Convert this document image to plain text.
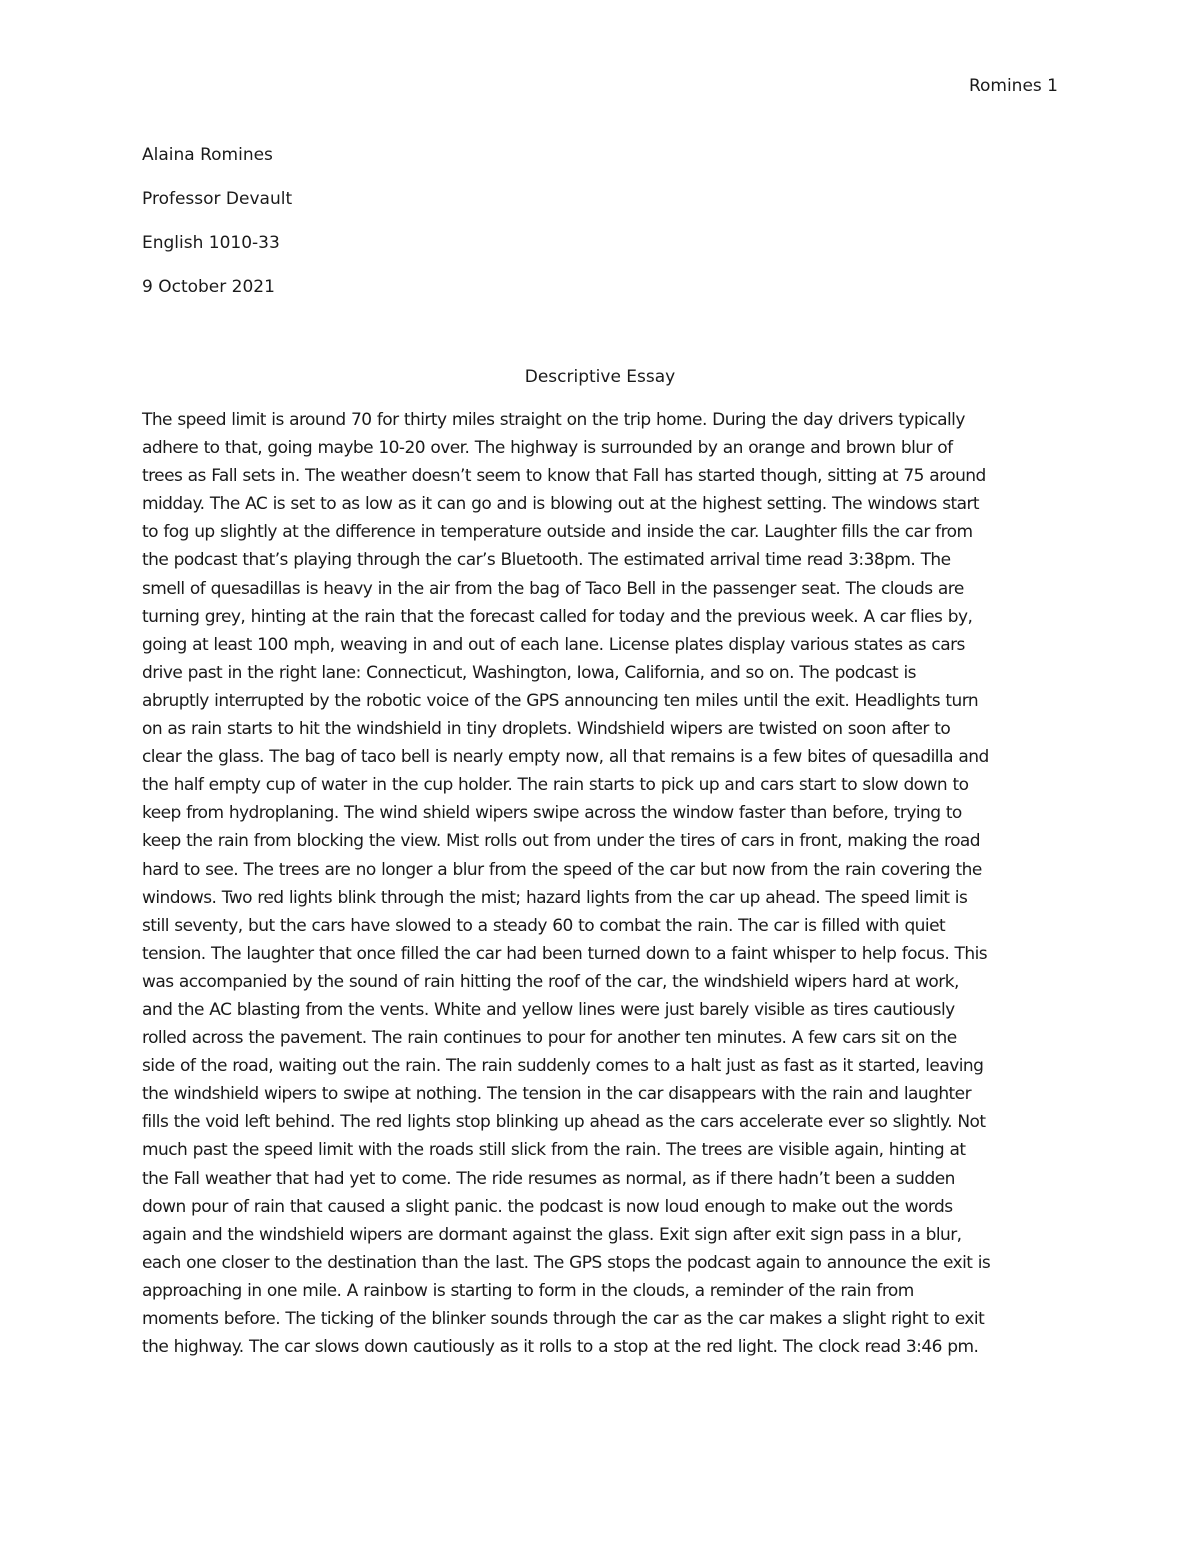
Romines 1
Alaina Romines
Professor Devault
English 1010-33
9 October 2021
Descriptive Essay
The speed limit is around 70 for thirty miles straight on the trip home. During the day drivers typically
adhere to that, going maybe 10-20 over. The highway is surrounded by an orange and brown blur of
trees as Fall sets in. The weather doesn’t seem to know that Fall has started though, sitting at 75 around
midday. The AC is set to as low as it can go and is blowing out at the highest setting. The windows start
to fog up slightly at the difference in temperature outside and inside the car. Laughter fills the car from
the podcast that’s playing through the car’s Bluetooth. The estimated arrival time read 3:38pm. The
smell of quesadillas is heavy in the air from the bag of Taco Bell in the passenger seat. The clouds are
turning grey, hinting at the rain that the forecast called for today and the previous week. A car flies by,
going at least 100 mph, weaving in and out of each lane. License plates display various states as cars
drive past in the right lane: Connecticut, Washington, Iowa, California, and so on. The podcast is
abruptly interrupted by the robotic voice of the GPS announcing ten miles until the exit. Headlights turn
on as rain starts to hit the windshield in tiny droplets. Windshield wipers are twisted on soon after to
clear the glass. The bag of taco bell is nearly empty now, all that remains is a few bites of quesadilla and
the half empty cup of water in the cup holder. The rain starts to pick up and cars start to slow down to
keep from hydroplaning. The wind shield wipers swipe across the window faster than before, trying to
keep the rain from blocking the view. Mist rolls out from under the tires of cars in front, making the road
hard to see. The trees are no longer a blur from the speed of the car but now from the rain covering the
windows. Two red lights blink through the mist; hazard lights from the car up ahead. The speed limit is
still seventy, but the cars have slowed to a steady 60 to combat the rain. The car is filled with quiet
tension. The laughter that once filled the car had been turned down to a faint whisper to help focus. This
was accompanied by the sound of rain hitting the roof of the car, the windshield wipers hard at work,
and the AC blasting from the vents. White and yellow lines were just barely visible as tires cautiously
rolled across the pavement. The rain continues to pour for another ten minutes. A few cars sit on the
side of the road, waiting out the rain. The rain suddenly comes to a halt just as fast as it started, leaving
the windshield wipers to swipe at nothing. The tension in the car disappears with the rain and laughter
fills the void left behind. The red lights stop blinking up ahead as the cars accelerate ever so slightly. Not
much past the speed limit with the roads still slick from the rain. The trees are visible again, hinting at
the Fall weather that had yet to come. The ride resumes as normal, as if there hadn’t been a sudden
down pour of rain that caused a slight panic. the podcast is now loud enough to make out the words
again and the windshield wipers are dormant against the glass. Exit sign after exit sign pass in a blur,
each one closer to the destination than the last. The GPS stops the podcast again to announce the exit is
approaching in one mile. A rainbow is starting to form in the clouds, a reminder of the rain from
moments before. The ticking of the blinker sounds through the car as the car makes a slight right to exit
the highway. The car slows down cautiously as it rolls to a stop at the red light. The clock read 3:46 pm.
